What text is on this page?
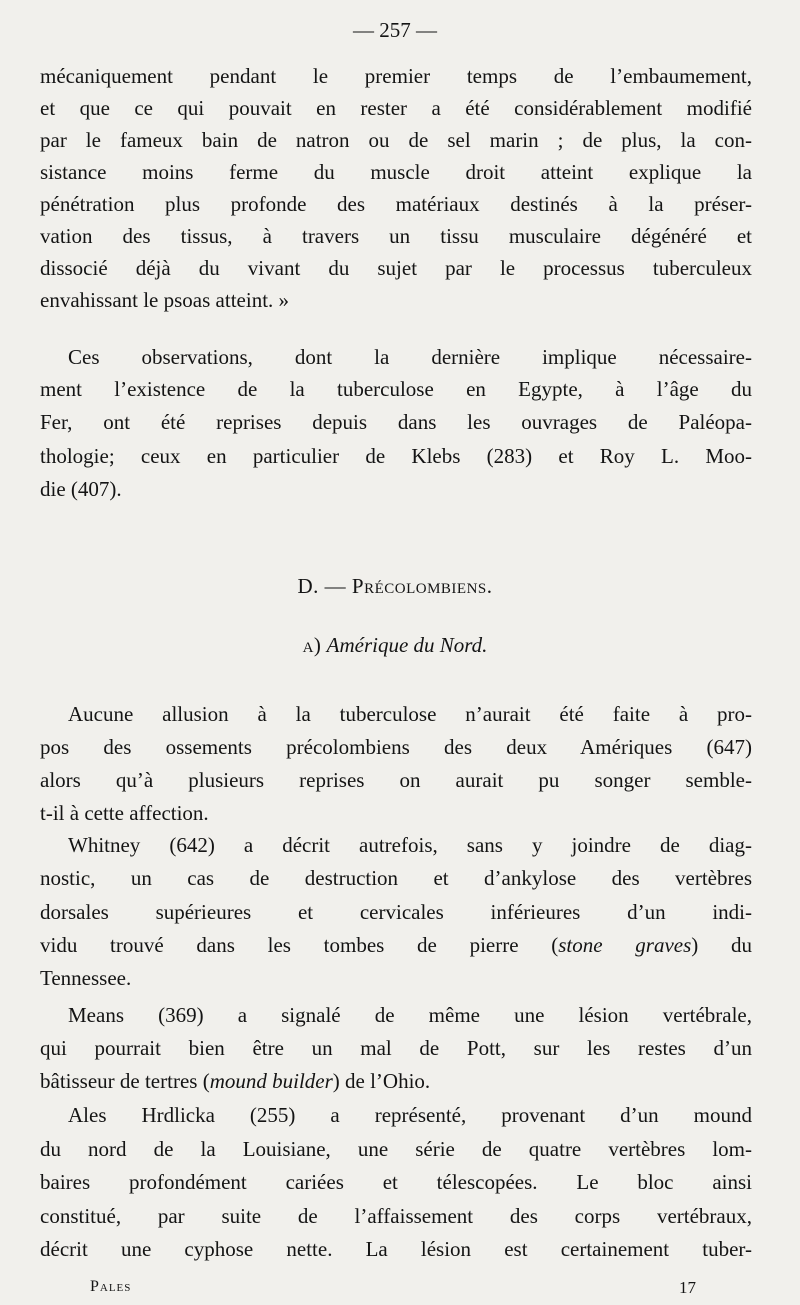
— 257 —
mécaniquement pendant le premier temps de l’embaumement,
et que ce qui pouvait en rester a été considérablement modifié
par le fameux bain de natron ou de sel marin ; de plus, la con-
sistance moins ferme du muscle droit atteint explique la
pénétration plus profonde des matériaux destinés à la préser-
vation des tissus, à travers un tissu musculaire dégénéré et
dissocié déjà du vivant du sujet par le processus tuberculeux
envahissant le psoas atteint. »
Ces observations, dont la dernière implique nécessaire-
ment l’existence de la tuberculose en Egypte, à l’âge du
Fer, ont été reprises depuis dans les ouvrages de Paléopa-
thologie; ceux en particulier de Klebs (283) et Roy L. Moo-
die (407).
D. — Précolombiens.
a) Amérique du Nord.
Aucune allusion à la tuberculose n’aurait été faite à pro-
pos des ossements précolombiens des deux Amériques (647)
alors qu’à plusieurs reprises on aurait pu songer semble-
t-il à cette affection.
Whitney (642) a décrit autrefois, sans y joindre de diag-
nostic, un cas de destruction et d’ankylose des vertèbres
dorsales supérieures et cervicales inférieures d’un indi-
vidu trouvé dans les tombes de pierre (stone graves) du
Tennessee.
Means (369) a signalé de même une lésion vertébrale,
qui pourrait bien être un mal de Pott, sur les restes d’un
bâtisseur de tertres (mound builder) de l’Ohio.
Ales Hrdlicka (255) a représenté, provenant d’un mound
du nord de la Louisiane, une série de quatre vertèbres lom-
baires profondément cariées et télescopées. Le bloc ainsi
constitué, par suite de l’affaissement des corps vertébraux,
décrit une cyphose nette. La lésion est certainement tuber-
Pales	17
